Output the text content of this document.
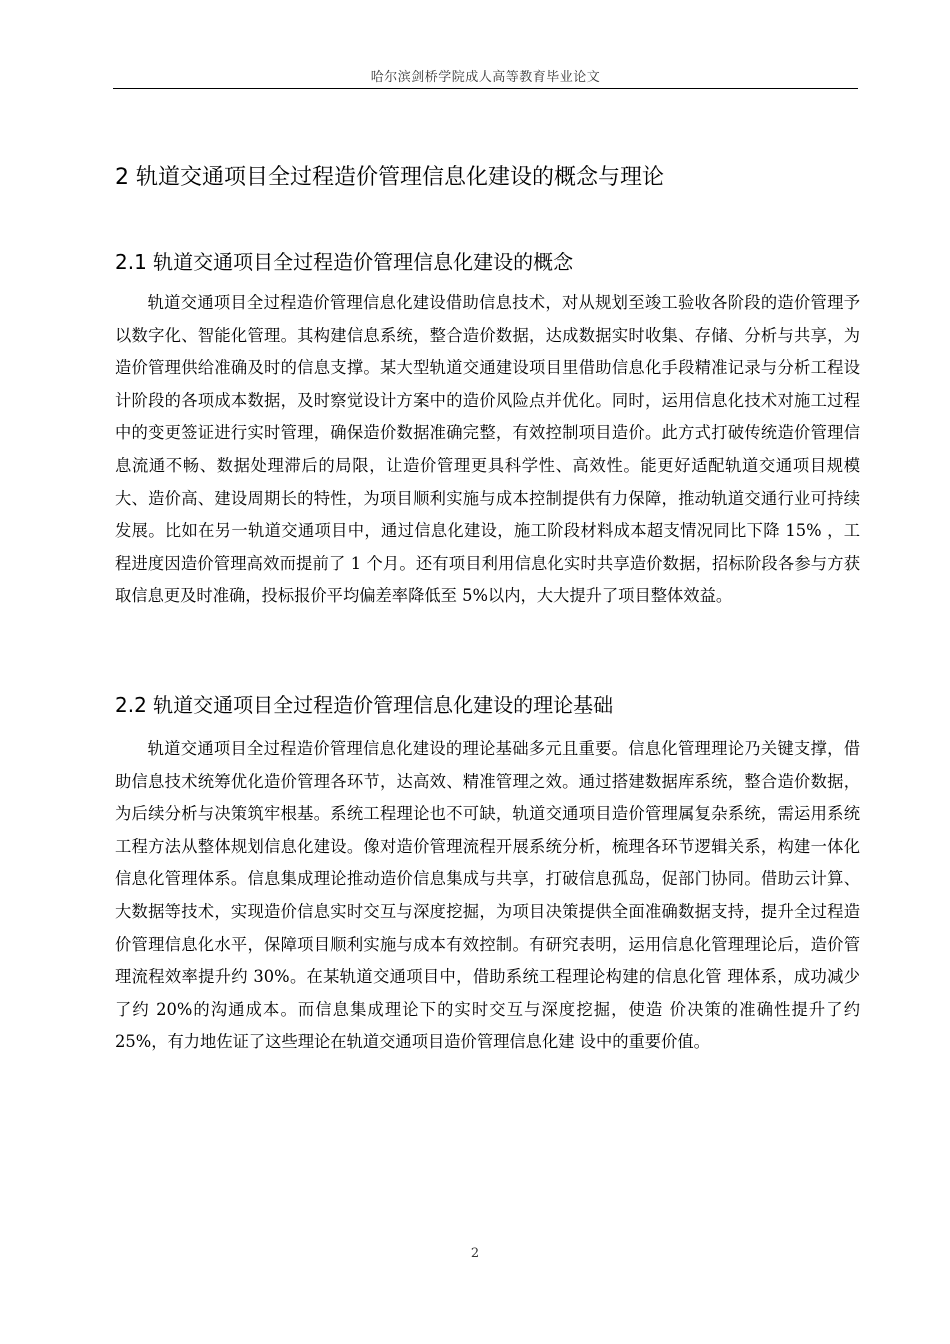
哈尔滨剑桥学院成人高等教育毕业论文
2 轨道交通项目全过程造价管理信息化建设的概念与理论
2.1 轨道交通项目全过程造价管理信息化建设的概念

轨道交通项目全过程造价管理信息化建设借助信息技术，对从规划至竣工验收各阶段的造价管理予以数字化、智能化管理。其构建信息系统，整合造价数据，达成数据实时收集、存储、分析与共享，为造价管理供给准确及时的信息支撑。某大型轨道交通建设项目里借助信息化手段精准记录与分析工程设计阶段的各项成本数据，及时察觉设计方案中的造价风险点并优化。同时，运用信息化技术对施工过程中的变更签证进行实时管理，确保造价数据准确完整，有效控制项目造价。此方式打破传统造价管理信息流通不畅、数据处理滞后的局限，让造价管理更具科学性、高效性。能更好适配轨道交通项目规模大、造价高、建设周期长的特性，为项目顺利实施与成本控制提供有力保障，推动轨道交通行业可持续发展。比如在另一轨道交通项目中，通过信息化建设，施工阶段材料成本超支情况同比下降 15% ，工程进度因造价管理高效而提前了 1 个月。还有项目利用信息化实时共享造价数据，招标阶段各参与方获取信息更及时准确，投标报价平均偏差率降低至 5%以内，大大提升了项目整体效益。

2.2 轨道交通项目全过程造价管理信息化建设的理论基础

轨道交通项目全过程造价管理信息化建设的理论基础多元且重要。信息化管理理论乃关键支撑，借助信息技术统筹优化造价管理各环节，达高效、精准管理之效。通过搭建数据库系统，整合造价数据，为后续分析与决策筑牢根基。系统工程理论也不可缺，轨道交通项目造价管理属复杂系统，需运用系统工程方法从整体规划信息化建设。像对造价管理流程开展系统分析，梳理各环节逻辑关系，构建一体化信息化管理体系。信息集成理论推动造价信息集成与共享，打破信息孤岛，促部门协同。借助云计算、大数据等技术，实现造价信息实时交互与深度挖掘，为项目决策提供全面准确数据支持，提升全过程造价管理信息化水平，保障项目顺利实施与成本有效控制。有研究表明，运用信息化管理理论后，造价管理流程效率提升约 30%。在某轨道交通项目中，借助系统工程理论构建的信息化管 理体系，成功减少了约 20%的沟通成本。而信息集成理论下的实时交互与深度挖掘，使造 价决策的准确性提升了约 25%，有力地佐证了这些理论在轨道交通项目造价管理信息化建 设中的重要价值。

2
